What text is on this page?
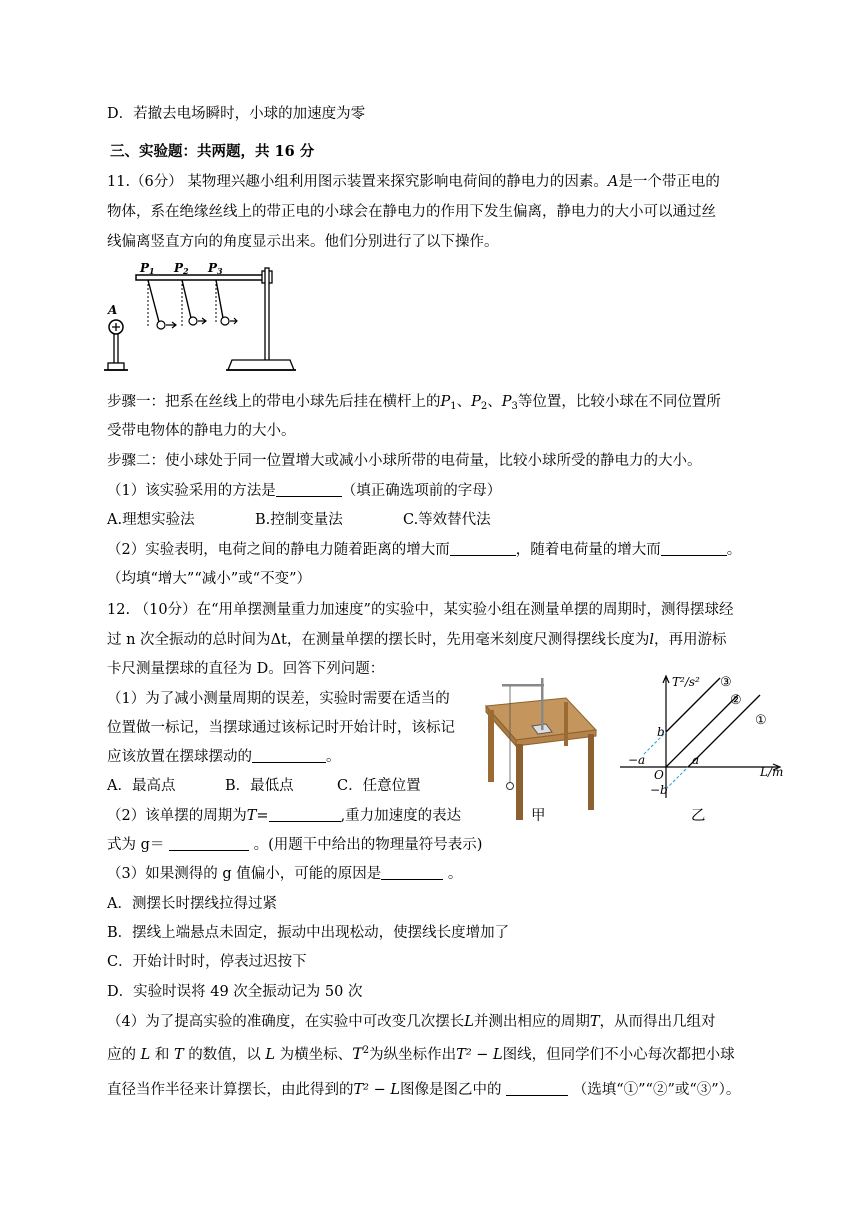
D．若撤去电场瞬时，小球的加速度为零
三、实验题：共两题，共 16 分
11.（6分） 某物理兴趣小组利用图示装置来探究影响电荷间的静电力的因素。A是一个带正电的
物体，系在绝缘丝线上的带正电的小球会在静电力的作用下发生偏离，静电力的大小可以通过丝
线偏离竖直方向的角度显示出来。他们分别进行了以下操作。
P1 P2 P3
A
步骤一：把系在丝线上的带电小球先后挂在横杆上的$P_1$、$P_2$、$P_3$等位置，比较小球在不同位置所
受带电物体的静电力的大小。
步骤二：使小球处于同一位置增大或减小小球所带的电荷量，比较小球所受的静电力的大小。
（1）该实验采用的方法是	（填正确选项前的字母）
A.理想实验法	B.控制变量法	C.等效替代法
（2）实验表明，电荷之间的静电力随着距离的增大而	，随着电荷量的增大而	。
（均填“增大”“减小”或“不变”）
12. （10分）在“用单摆测量重力加速度”的实验中，某实验小组在测量单摆的周期时，测得摆球经
过 n 次全振动的总时间为Δt，在测量单摆的摆长时，先用毫米刻度尺测得摆线长度为l，再用游标
卡尺测量摆球的直径为 D。回答下列问题：
（1）为了减小测量周期的误差，实验时需要在适当的
位置做一标记，当摆球通过该标记时开始计时，该标记
应该放置在摆球摆动的	。
A．最高点	B．最低点	C．任意位置
（2）该单摆的周期为T=	,重力加速度的表达
式为 g＝	。(用题干中给出的物理量符号表示)
甲
T²/s²
L/m
O
b
−b
−a	a
③
②
①
乙
（3）如果测得的 g 值偏小，可能的原因是	。
A．测摆长时摆线拉得过紧
B．摆线上端悬点未固定，振动中出现松动，使摆线长度增加了
C．开始计时时，停表过迟按下
D．实验时误将 49 次全振动记为 50 次
（4）为了提高实验的准确度，在实验中可改变几次摆长L并测出相应的周期T，从而得出几组对
应的 L 和 T 的数值，以 L 为横坐标、$T^2$为纵坐标作出T² − L图线，但同学们不小心每次都把小球
直径当作半径来计算摆长，由此得到的T² − L图像是图乙中的	（选填“①”“②”或“③”）。
